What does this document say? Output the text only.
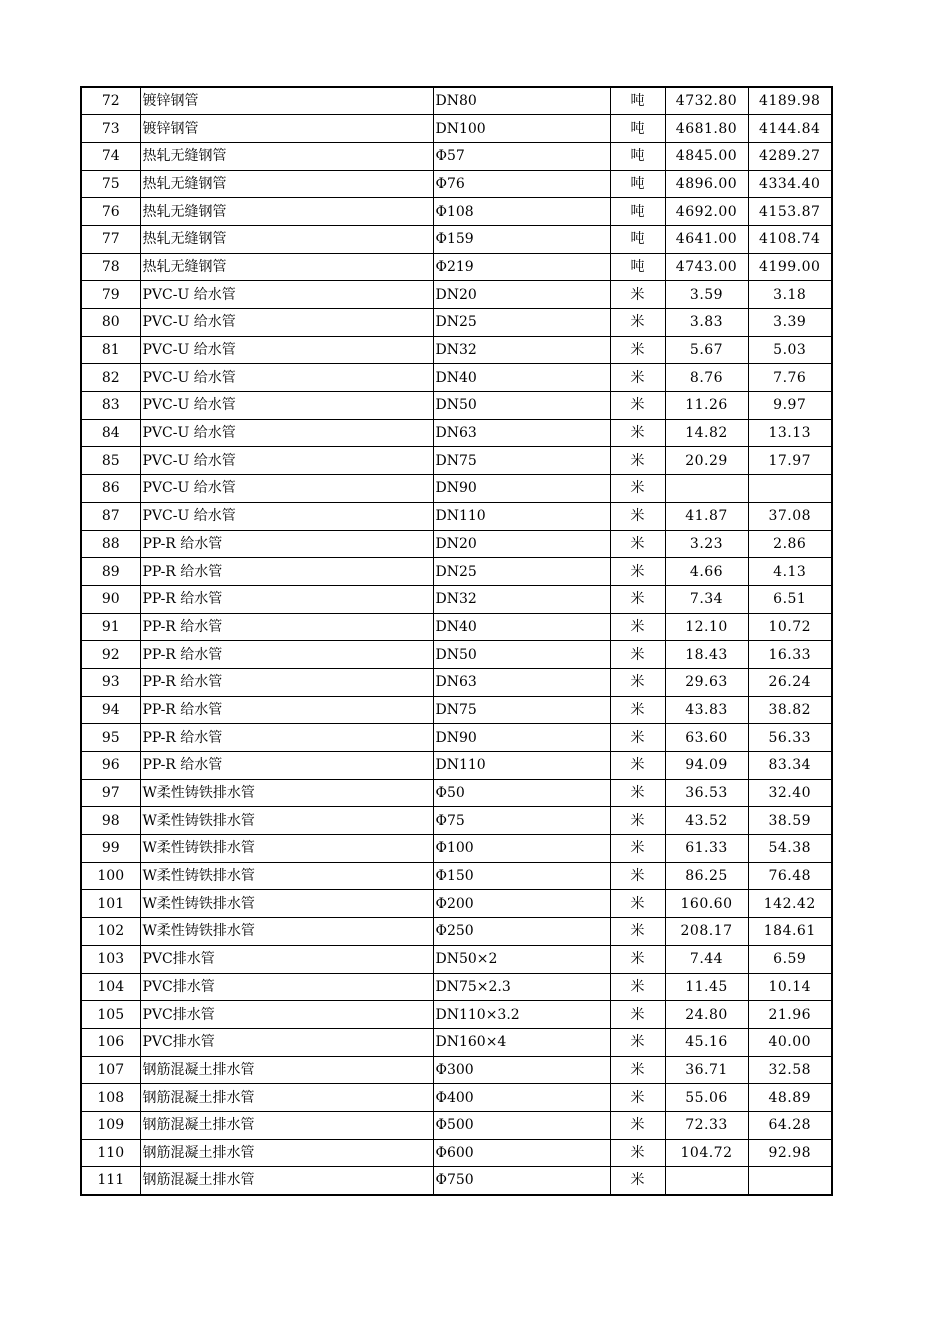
72	镀锌钢管	DN80	吨	4732.80	4189.98
73	镀锌钢管	DN100	吨	4681.80	4144.84
74	热轧无缝钢管	Φ57	吨	4845.00	4289.27
75	热轧无缝钢管	Φ76	吨	4896.00	4334.40
76	热轧无缝钢管	Φ108	吨	4692.00	4153.87
77	热轧无缝钢管	Φ159	吨	4641.00	4108.74
78	热轧无缝钢管	Φ219	吨	4743.00	4199.00
79	PVC-U 给水管	DN20	米	3.59	3.18
80	PVC-U 给水管	DN25	米	3.83	3.39
81	PVC-U 给水管	DN32	米	5.67	5.03
82	PVC-U 给水管	DN40	米	8.76	7.76
83	PVC-U 给水管	DN50	米	11.26	9.97
84	PVC-U 给水管	DN63	米	14.82	13.13
85	PVC-U 给水管	DN75	米	20.29	17.97
86	PVC-U 给水管	DN90	米		
87	PVC-U 给水管	DN110	米	41.87	37.08
88	PP-R 给水管	DN20	米	3.23	2.86
89	PP-R 给水管	DN25	米	4.66	4.13
90	PP-R 给水管	DN32	米	7.34	6.51
91	PP-R 给水管	DN40	米	12.10	10.72
92	PP-R 给水管	DN50	米	18.43	16.33
93	PP-R 给水管	DN63	米	29.63	26.24
94	PP-R 给水管	DN75	米	43.83	38.82
95	PP-R 给水管	DN90	米	63.60	56.33
96	PP-R 给水管	DN110	米	94.09	83.34
97	W柔性铸铁排水管	Φ50	米	36.53	32.40
98	W柔性铸铁排水管	Φ75	米	43.52	38.59
99	W柔性铸铁排水管	Φ100	米	61.33	54.38
100	W柔性铸铁排水管	Φ150	米	86.25	76.48
101	W柔性铸铁排水管	Φ200	米	160.60	142.42
102	W柔性铸铁排水管	Φ250	米	208.17	184.61
103	PVC排水管	DN50×2	米	7.44	6.59
104	PVC排水管	DN75×2.3	米	11.45	10.14
105	PVC排水管	DN110×3.2	米	24.80	21.96
106	PVC排水管	DN160×4	米	45.16	40.00
107	钢筋混凝土排水管	Φ300	米	36.71	32.58
108	钢筋混凝土排水管	Φ400	米	55.06	48.89
109	钢筋混凝土排水管	Φ500	米	72.33	64.28
110	钢筋混凝土排水管	Φ600	米	104.72	92.98
111	钢筋混凝土排水管	Φ750	米		
